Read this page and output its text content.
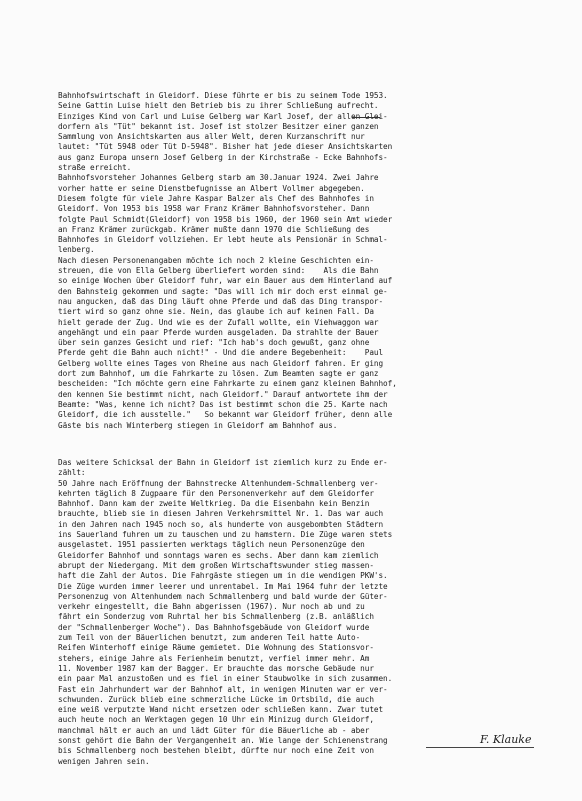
Bahnhofswirtschaft in Gleidorf. Diese führte er bis zu seinem Tode 1953.
Seine Gattin Luise hielt den Betrieb bis zu ihrer Schließung aufrecht.
Einziges Kind von Carl und Luise Gelberg war Karl Josef, der allen Glei-
dorfern als "Tüt" bekannt ist. Josef ist stolzer Besitzer einer ganzen
Sammlung von Ansichtskarten aus aller Welt, deren Kurzanschrift nur
lautet: "Tüt 5948 oder Tüt D-5948". Bisher hat jede dieser Ansichtskarten
aus ganz Europa unsern Josef Gelberg in der Kirchstraße - Ecke Bahnhofs-
straße erreicht.
Bahnhofsvorsteher Johannes Gelberg starb am 30.Januar 1924. Zwei Jahre
vorher hatte er seine Dienstbefugnisse an Albert Vollmer abgegeben.
Diesem folgte für viele Jahre Kaspar Balzer als Chef des Bahnhofes in
Gleidorf. Von 1953 bis 1958 war Franz Krämer Bahnhofsvorsteher. Dann
folgte Paul Schmidt(Gleidorf) von 1958 bis 1960, der 1960 sein Amt wieder
an Franz Krämer zurückgab. Krämer mußte dann 1970 die Schließung des
Bahnhofes in Gleidorf vollziehen. Er lebt heute als Pensionär in Schmal-
lenberg.
Nach diesen Personenangaben möchte ich noch 2 kleine Geschichten ein-
streuen, die von Ella Gelberg überliefert worden sind:    Als die Bahn
so einige Wochen über Gleidorf fuhr, war ein Bauer aus dem Hinterland auf
den Bahnsteig gekommen und sagte: "Das will ich mir doch erst einmal ge-
nau angucken, daß das Ding läuft ohne Pferde und daß das Ding transpor-
tiert wird so ganz ohne sie. Nein, das glaube ich auf keinen Fall. Da
hielt gerade der Zug. Und wie es der Zufall wollte, ein Viehwaggon war
angehängt und ein paar Pferde wurden ausgeladen. Da strahlte der Bauer
über sein ganzes Gesicht und rief: "Ich hab's doch gewußt, ganz ohne
Pferde geht die Bahn auch nicht!" - Und die andere Begebenheit:    Paul
Gelberg wollte eines Tages von Rheine aus nach Gleidorf fahren. Er ging
dort zum Bahnhof, um die Fahrkarte zu lösen. Zum Beamten sagte er ganz
bescheiden: "Ich möchte gern eine Fahrkarte zu einem ganz kleinen Bahnhof,
den kennen Sie bestimmt nicht, nach Gleidorf." Darauf antwortete ihm der
Beamte: "Was, kenne ich nicht? Das ist bestimmt schon die 25. Karte nach
Gleidorf, die ich ausstelle."   So bekannt war Gleidorf früher, denn alle
Gäste bis nach Winterberg stiegen in Gleidorf am Bahnhof aus.
Das weitere Schicksal der Bahn in Gleidorf ist ziemlich kurz zu Ende er-
zählt:
50 Jahre nach Eröffnung der Bahnstrecke Altenhundem-Schmallenberg ver-
kehrten täglich 8 Zugpaare für den Personenverkehr auf dem Gleidorfer
Bahnhof. Dann kam der zweite Weltkrieg. Da die Eisenbahn kein Benzin
brauchte, blieb sie in diesen Jahren Verkehrsmittel Nr. 1. Das war auch
in den Jahren nach 1945 noch so, als hunderte von ausgebombten Städtern
ins Sauerland fuhren um zu tauschen und zu hamstern. Die Züge waren stets
ausgelastet. 1951 passierten werktags täglich neun Personenzüge den
Gleidorfer Bahnhof und sonntags waren es sechs. Aber dann kam ziemlich
abrupt der Niedergang. Mit dem großen Wirtschaftswunder stieg massen-
haft die Zahl der Autos. Die Fahrgäste stiegen um in die wendigen PKW's.
Die Züge wurden immer leerer und unrentabel. Im Mai 1964 fuhr der letzte
Personenzug von Altenhundem nach Schmallenberg und bald wurde der Güter-
verkehr eingestellt, die Bahn abgerissen (1967). Nur noch ab und zu
fährt ein Sonderzug vom Ruhrtal her bis Schmallenberg (z.B. anläßlich
der "Schmallenberger Woche"). Das Bahnhofsgebäude von Gleidorf wurde
zum Teil von der Bäuerlichen benutzt, zum anderen Teil hatte Auto-
Reifen Winterhoff einige Räume gemietet. Die Wohnung des Stationsvor-
stehers, einige Jahre als Ferienheim benutzt, verfiel immer mehr. Am
11. November 1987 kam der Bagger. Er brauchte das morsche Gebäude nur
ein paar Mal anzustoßen und es fiel in einer Staubwolke in sich zusammen.
Fast ein Jahrhundert war der Bahnhof alt, in wenigen Minuten war er ver-
schwunden. Zurück blieb eine schmerzliche Lücke im Ortsbild, die auch
eine weiß verputzte Wand nicht ersetzen oder schließen kann. Zwar tutet
auch heute noch an Werktagen gegen 10 Uhr ein Minizug durch Gleidorf,
manchmal hält er auch an und lädt Güter für die Bäuerliche ab - aber
sonst gehört die Bahn der Vergangenheit an. Wie lange der Schienenstrang
bis Schmallenberg noch bestehen bleibt, dürfte nur noch eine Zeit von
wenigen Jahren sein.
F. Klauke
